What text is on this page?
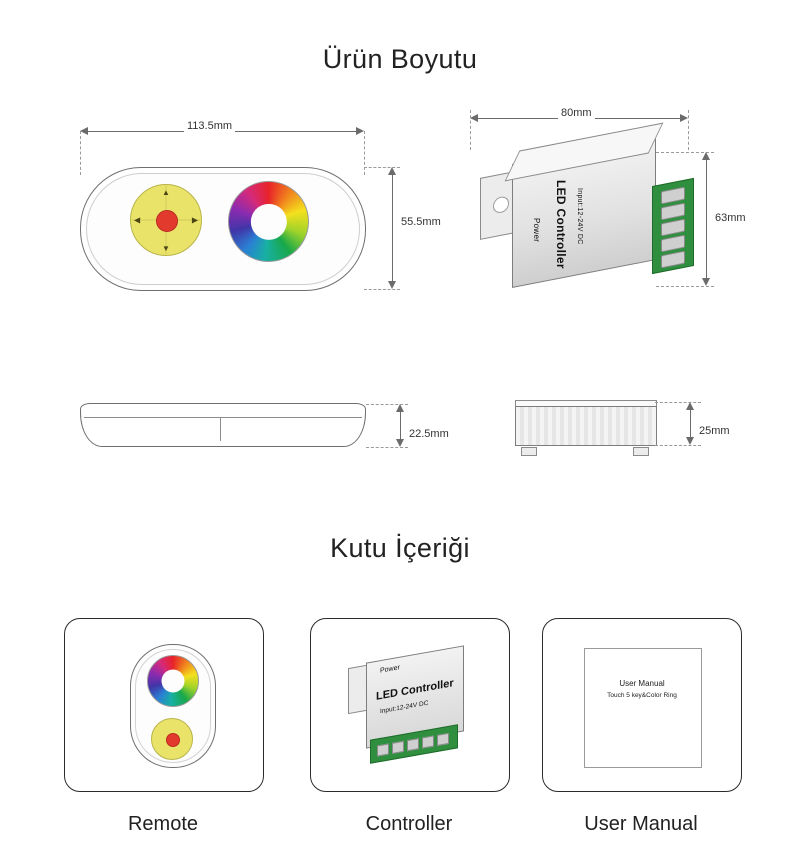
Ürün Boyutu
Kutu İçeriği
▲
▼
◀	▶
113.5mm
55.5mm	Power LED Controller Input:12-24V DC
80mm
63mm
22.5mm	25mm
Power
LED Controller
Input:12-24V DC
User Manual
Touch 5 key&Color Ring
Remote	Controller	User Manual
